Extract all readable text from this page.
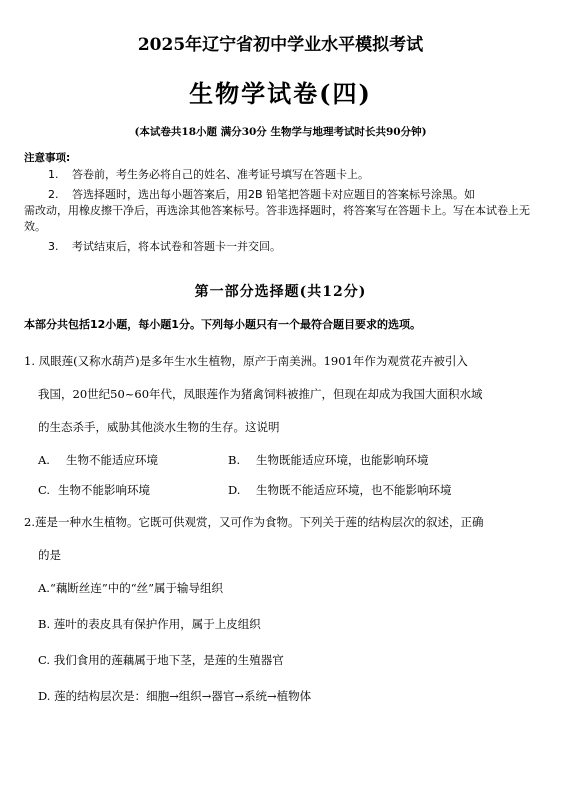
2025年辽宁省初中学业水平模拟考试
生物学试卷(四)
(本试卷共18小题 满分30分 生物学与地理考试时长共90分钟)
注意事项:
1. 答卷前，考生务必将自己的姓名、准考证号填写在答题卡上。
2. 答选择题时，选出每小题答案后，用2B 铅笔把答题卡对应题目的答案标号涂黑。如
需改动，用橡皮擦干净后，再选涂其他答案标号。答非选择题时，将答案写在答题卡上。写在本试卷上无效。
3. 考试结束后，将本试卷和答题卡一并交回。
第一部分选择题(共12分)
本部分共包括12小题，每小题1分。下列每小题只有一个最符合题目要求的选项。
1. 凤眼莲(又称水葫芦)是多年生水生植物，原产于南美洲。1901年作为观赏花卉被引入
我国，20世纪50~60年代，凤眼莲作为猪禽饲料被推广，但现在却成为我国大面积水域
的生态杀手，威胁其他淡水生物的生存。这说明
A. 生物不能适应环境	B. 生物既能适应环境，也能影响环境
C. 生物不能影响环境	D. 生物既不能适应环境，也不能影响环境
2.莲是一种水生植物。它既可供观赏，又可作为食物。下列关于莲的结构层次的叙述，正确
的是
A.“藕断丝连”中的“丝”属于输导组织
B. 莲叶的表皮具有保护作用，属于上皮组织
C. 我们食用的莲藕属于地下茎，是莲的生殖器官
D. 莲的结构层次是：细胞→组织→器官→系统→植物体
